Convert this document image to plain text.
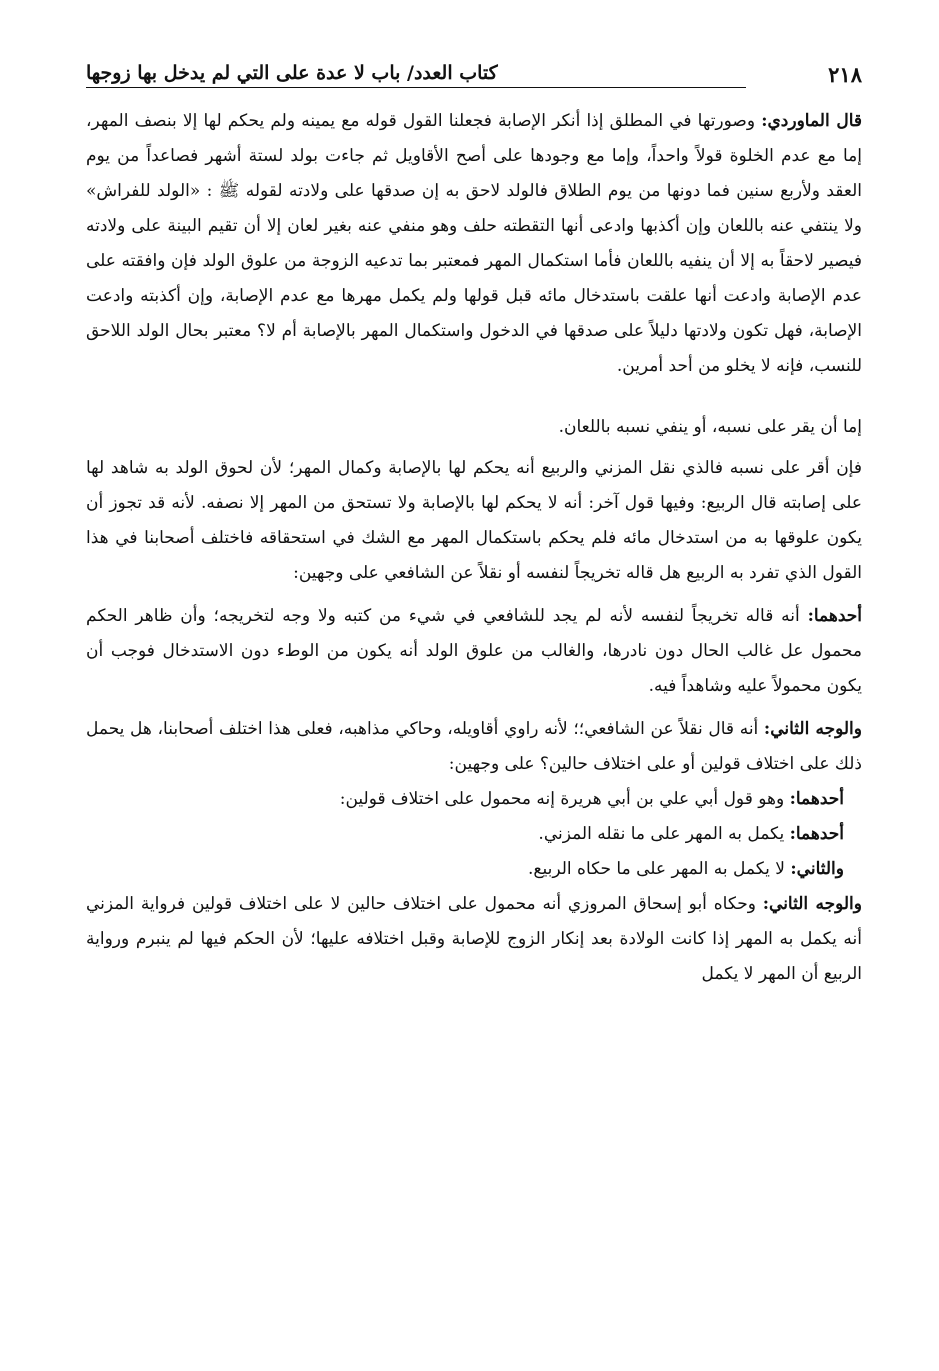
٢١٨
كتاب العدد/ باب لا عدة على التي لم يدخل بها زوجها

قال الماوردي: وصورتها في المطلق إذا أنكر الإصابة فجعلنا القول قوله مع يمينه ولم يحكم لها إلا بنصف المهر، إما مع عدم الخلوة قولاً واحداً، وإما مع وجودها على أصح الأقاويل ثم جاءت بولد لستة أشهر فصاعداً من يوم العقد ولأربع سنين فما دونها من يوم الطلاق فالولد لاحق به إن صدقها على ولادته لقوله ﷺ : «الولد للفراش» ولا ينتفي عنه باللعان وإن أكذبها وادعى أنها التقطته حلف وهو منفي عنه بغير لعان إلا أن تقيم البينة على ولادته فيصير لاحقاً به إلا أن ينفيه باللعان فأما استكمال المهر فمعتبر بما تدعيه الزوجة من علوق الولد فإن وافقته على عدم الإصابة وادعت أنها علقت باستدخال مائه قبل قولها ولم يكمل مهرها مع عدم الإصابة، وإن أكذبته وادعت الإصابة، فهل تكون ولادتها دليلاً على صدقها في الدخول واستكمال المهر بالإصابة أم لا؟ معتبر بحال الولد اللاحق للنسب، فإنه لا يخلو من أحد أمرين.

إما أن يقر على نسبه، أو ينفي نسبه باللعان.

فإن أقر على نسبه فالذي نقل المزني والربيع أنه يحكم لها بالإصابة وكمال المهر؛ لأن لحوق الولد به شاهد لها على إصابته قال الربيع: وفيها قول آخر: أنه لا يحكم لها بالإصابة ولا تستحق من المهر إلا نصفه. لأنه قد تجوز أن يكون علوقها به من استدخال مائه فلم يحكم باستكمال المهر مع الشك في استحقاقه فاختلف أصحابنا في هذا القول الذي تفرد به الربيع هل قاله تخريجاً لنفسه أو نقلاً عن الشافعي على وجهين:

أحدهما: أنه قاله تخريجاً لنفسه لأنه لم يجد للشافعي في شيء من كتبه ولا وجه لتخريجه؛ وأن ظاهر الحكم محمول عل غالب الحال دون نادرها، والغالب من علوق الولد أنه يكون من الوطء دون الاستدخال فوجب أن يكون محمولاً عليه وشاهداً فيه.

والوجه الثاني: أنه قال نقلاً عن الشافعي؛؛ لأنه راوي أقاويله، وحاكي مذاهبه، فعلى هذا اختلف أصحابنا، هل يحمل ذلك على اختلاف قولين أو على اختلاف حالين؟ على وجهين:

أحدهما: وهو قول أبي علي بن أبي هريرة إنه محمول على اختلاف قولين:

أحدهما: يكمل به المهر على ما نقله المزني.

والثاني: لا يكمل به المهر على ما حكاه الربيع.

والوجه الثاني: وحكاه أبو إسحاق المروزي أنه محمول على اختلاف حالين لا على اختلاف قولين فرواية المزني أنه يكمل به المهر إذا كانت الولادة بعد إنكار الزوج للإصابة وقبل اختلافه عليها؛ لأن الحكم فيها لم ينبرم ورواية الربيع أن المهر لا يكمل
